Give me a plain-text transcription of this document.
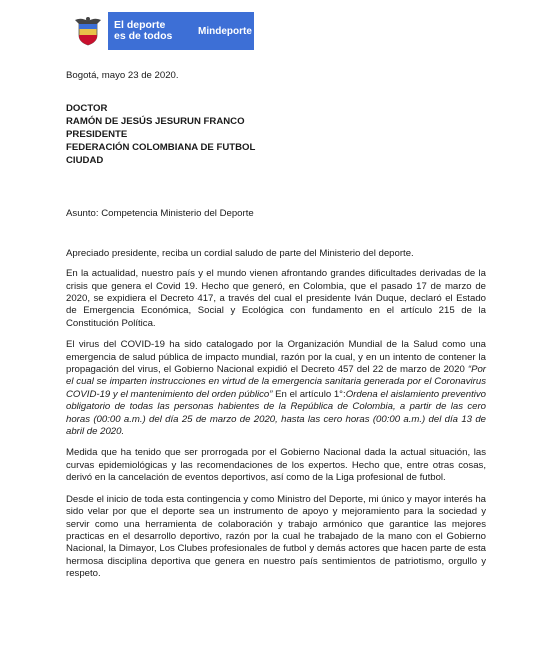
El deporte
es de todos	Mindeporte
Bogotá, mayo 23 de 2020.
DOCTOR
RAMÓN DE JESÚS JESURUN FRANCO
PRESIDENTE
FEDERACIÓN COLOMBIANA DE FUTBOL
CIUDAD
Asunto: Competencia Ministerio del Deporte
Apreciado presidente, reciba un cordial saludo de parte del Ministerio del deporte.

En la actualidad, nuestro país y el mundo vienen afrontando grandes dificultades derivadas de la crisis que genera el Covid 19. Hecho que generó, en Colombia, que el pasado 17 de marzo de 2020, se expidiera el Decreto 417, a través del cual el presidente Iván Duque, declaró el Estado de Emergencia Económica, Social y Ecológica con fundamento en el artículo 215 de la Constitución Política.

El virus del COVID-19 ha sido catalogado por la Organización Mundial de la Salud como una emergencia de salud pública de impacto mundial, razón por la cual, y en un intento de contener la propagación del virus, el Gobierno Nacional expidió el Decreto 457 del 22 de marzo de 2020 “Por el cual se imparten instrucciones en virtud de la emergencia sanitaria generada por el Coronavirus COVID-19 y el mantenimiento del orden público” En el artículo 1°:Ordena el aislamiento preventivo obligatorio de todas las personas habientes de la República de Colombia, a partir de las cero horas (00:00 a.m.) del día 25 de marzo de 2020, hasta las cero horas (00:00 a.m.) del día 13 de abril de 2020.

Medida que ha tenido que ser prorrogada por el Gobierno Nacional dada la actual situación, las curvas epidemiológicas y las recomendaciones de los expertos. Hecho que, entre otras cosas, derivó en la cancelación de eventos deportivos, así como de la Liga profesional de futbol.

Desde el inicio de toda esta contingencia y como Ministro del Deporte, mi único y mayor interés ha sido velar por que el deporte sea un instrumento de apoyo y mejoramiento para la sociedad y servir como una herramienta de colaboración y trabajo armónico que garantice las mejores practicas en el desarrollo deportivo, razón por la cual he trabajado de la mano con el Gobierno Nacional, la Dimayor, Los Clubes profesionales de futbol y demás actores que hacen parte de esta hermosa disciplina deportiva que genera en nuestro país sentimientos de patriotismo, orgullo y respeto.
